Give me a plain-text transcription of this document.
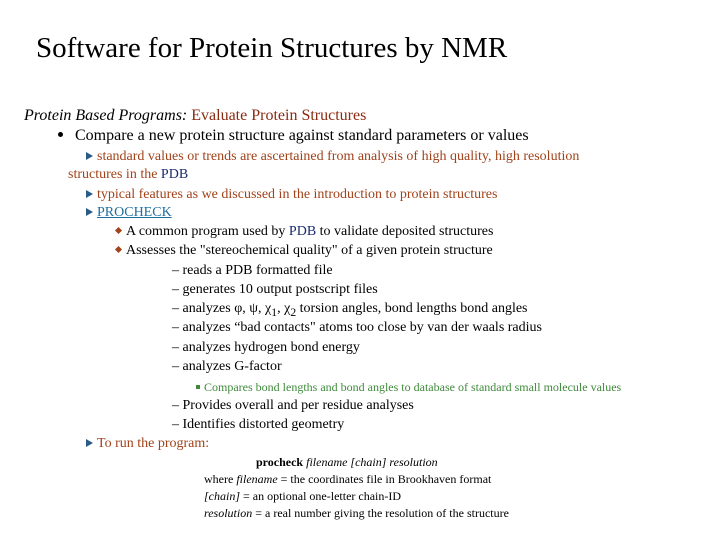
Software for Protein Structures by NMR
Protein Based Programs: Evaluate Protein Structures
Compare a new protein structure against standard parameters or values
standard values or trends are ascertained from analysis of high quality, high resolution
structures in the PDB
typical features as we discussed in the introduction to protein structures
PROCHECK
A common program used by PDB to validate deposited structures
Assesses the "stereochemical quality" of a given protein structure
– reads a PDB formatted file
– generates 10 output postscript files
– analyzes φ, ψ, $\chi_1$, $\chi_2$ torsion angles, bond lengths bond angles
– analyzes “bad contacts" atoms too close by van der waals radius
– analyzes hydrogen bond energy
– analyzes G-factor
Compares bond lengths and bond angles to database of standard small molecule values
– Provides overall and per residue analyses
– Identifies distorted geometry
To run the program:
procheck filename [chain] resolution
where filename = the coordinates file in Brookhaven format
[chain] = an optional one-letter chain-ID
resolution = a real number giving the resolution of the structure
